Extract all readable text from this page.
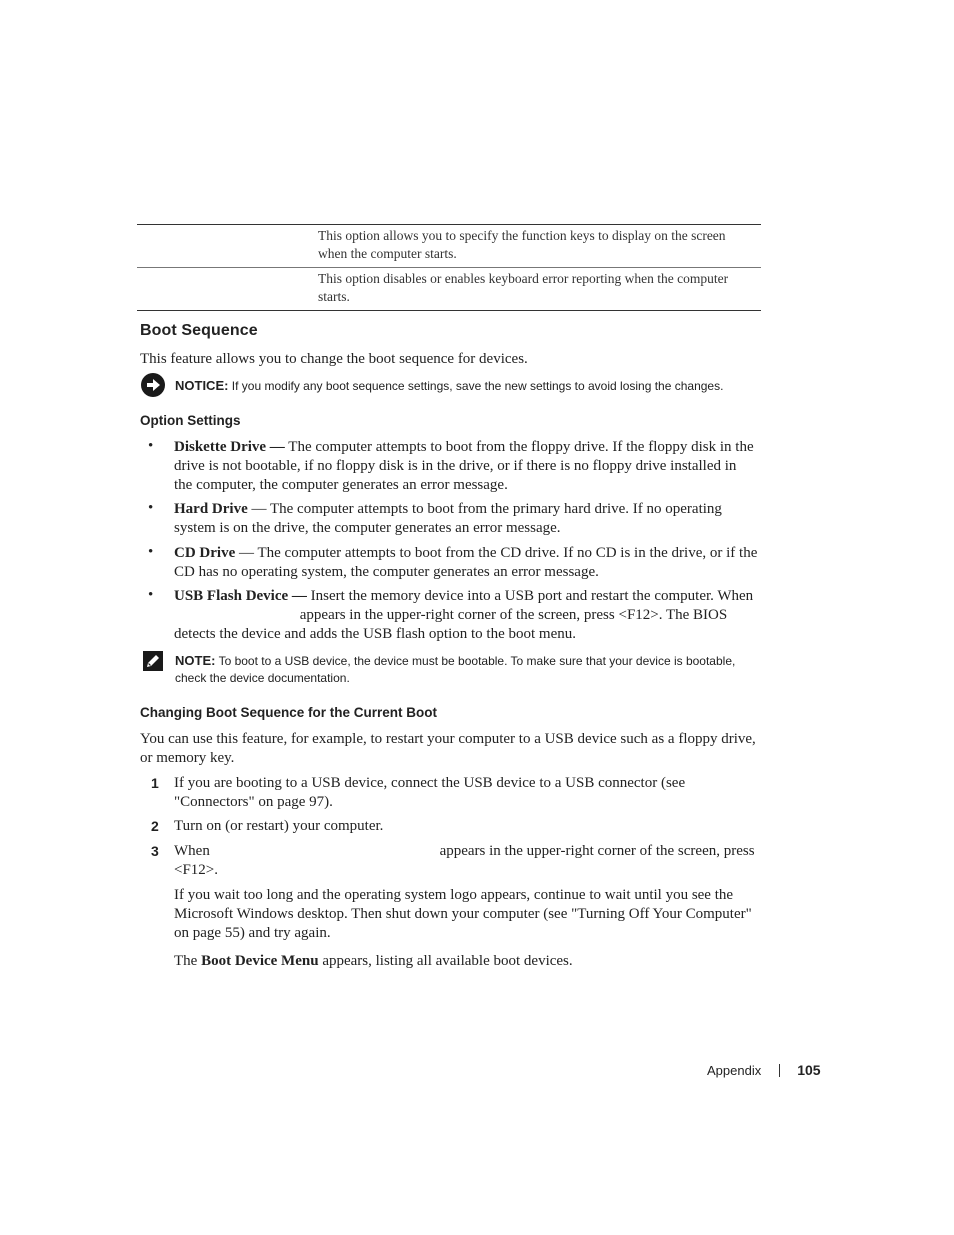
This option allows you to specify the function keys to display on the screen when the computer starts.
This option disables or enables keyboard error reporting when the computer starts.
Boot Sequence
This feature allows you to change the boot sequence for devices.
NOTICE: If you modify any boot sequence settings, save the new settings to avoid losing the changes.
Option Settings
• Diskette Drive — The computer attempts to boot from the floppy drive. If the floppy disk in the drive is not bootable, if no floppy disk is in the drive, or if there is no floppy drive installed in the computer, the computer generates an error message.
• Hard Drive — The computer attempts to boot from the primary hard drive. If no operating system is on the drive, the computer generates an error message.
• CD Drive — The computer attempts to boot from the CD drive. If no CD is in the drive, or if the CD has no operating system, the computer generates an error message.
• USB Flash Device — Insert the memory device into a USB port and restart the computer. When appears in the upper-right corner of the screen, press <F12>. The BIOS detects the device and adds the USB flash option to the boot menu.
NOTE: To boot to a USB device, the device must be bootable. To make sure that your device is bootable, check the device documentation.
Changing Boot Sequence for the Current Boot
You can use this feature, for example, to restart your computer to a USB device such as a floppy drive, or memory key.
1 If you are booting to a USB device, connect the USB device to a USB connector (see "Connectors" on page 97).
2 Turn on (or restart) your computer.
3 When	appears in the upper-right corner of the screen, press <F12>.
If you wait too long and the operating system logo appears, continue to wait until you see the Microsoft Windows desktop. Then shut down your computer (see "Turning Off Your Computer" on page 55) and try again.
The Boot Device Menu appears, listing all available boot devices.
Appendix	105
